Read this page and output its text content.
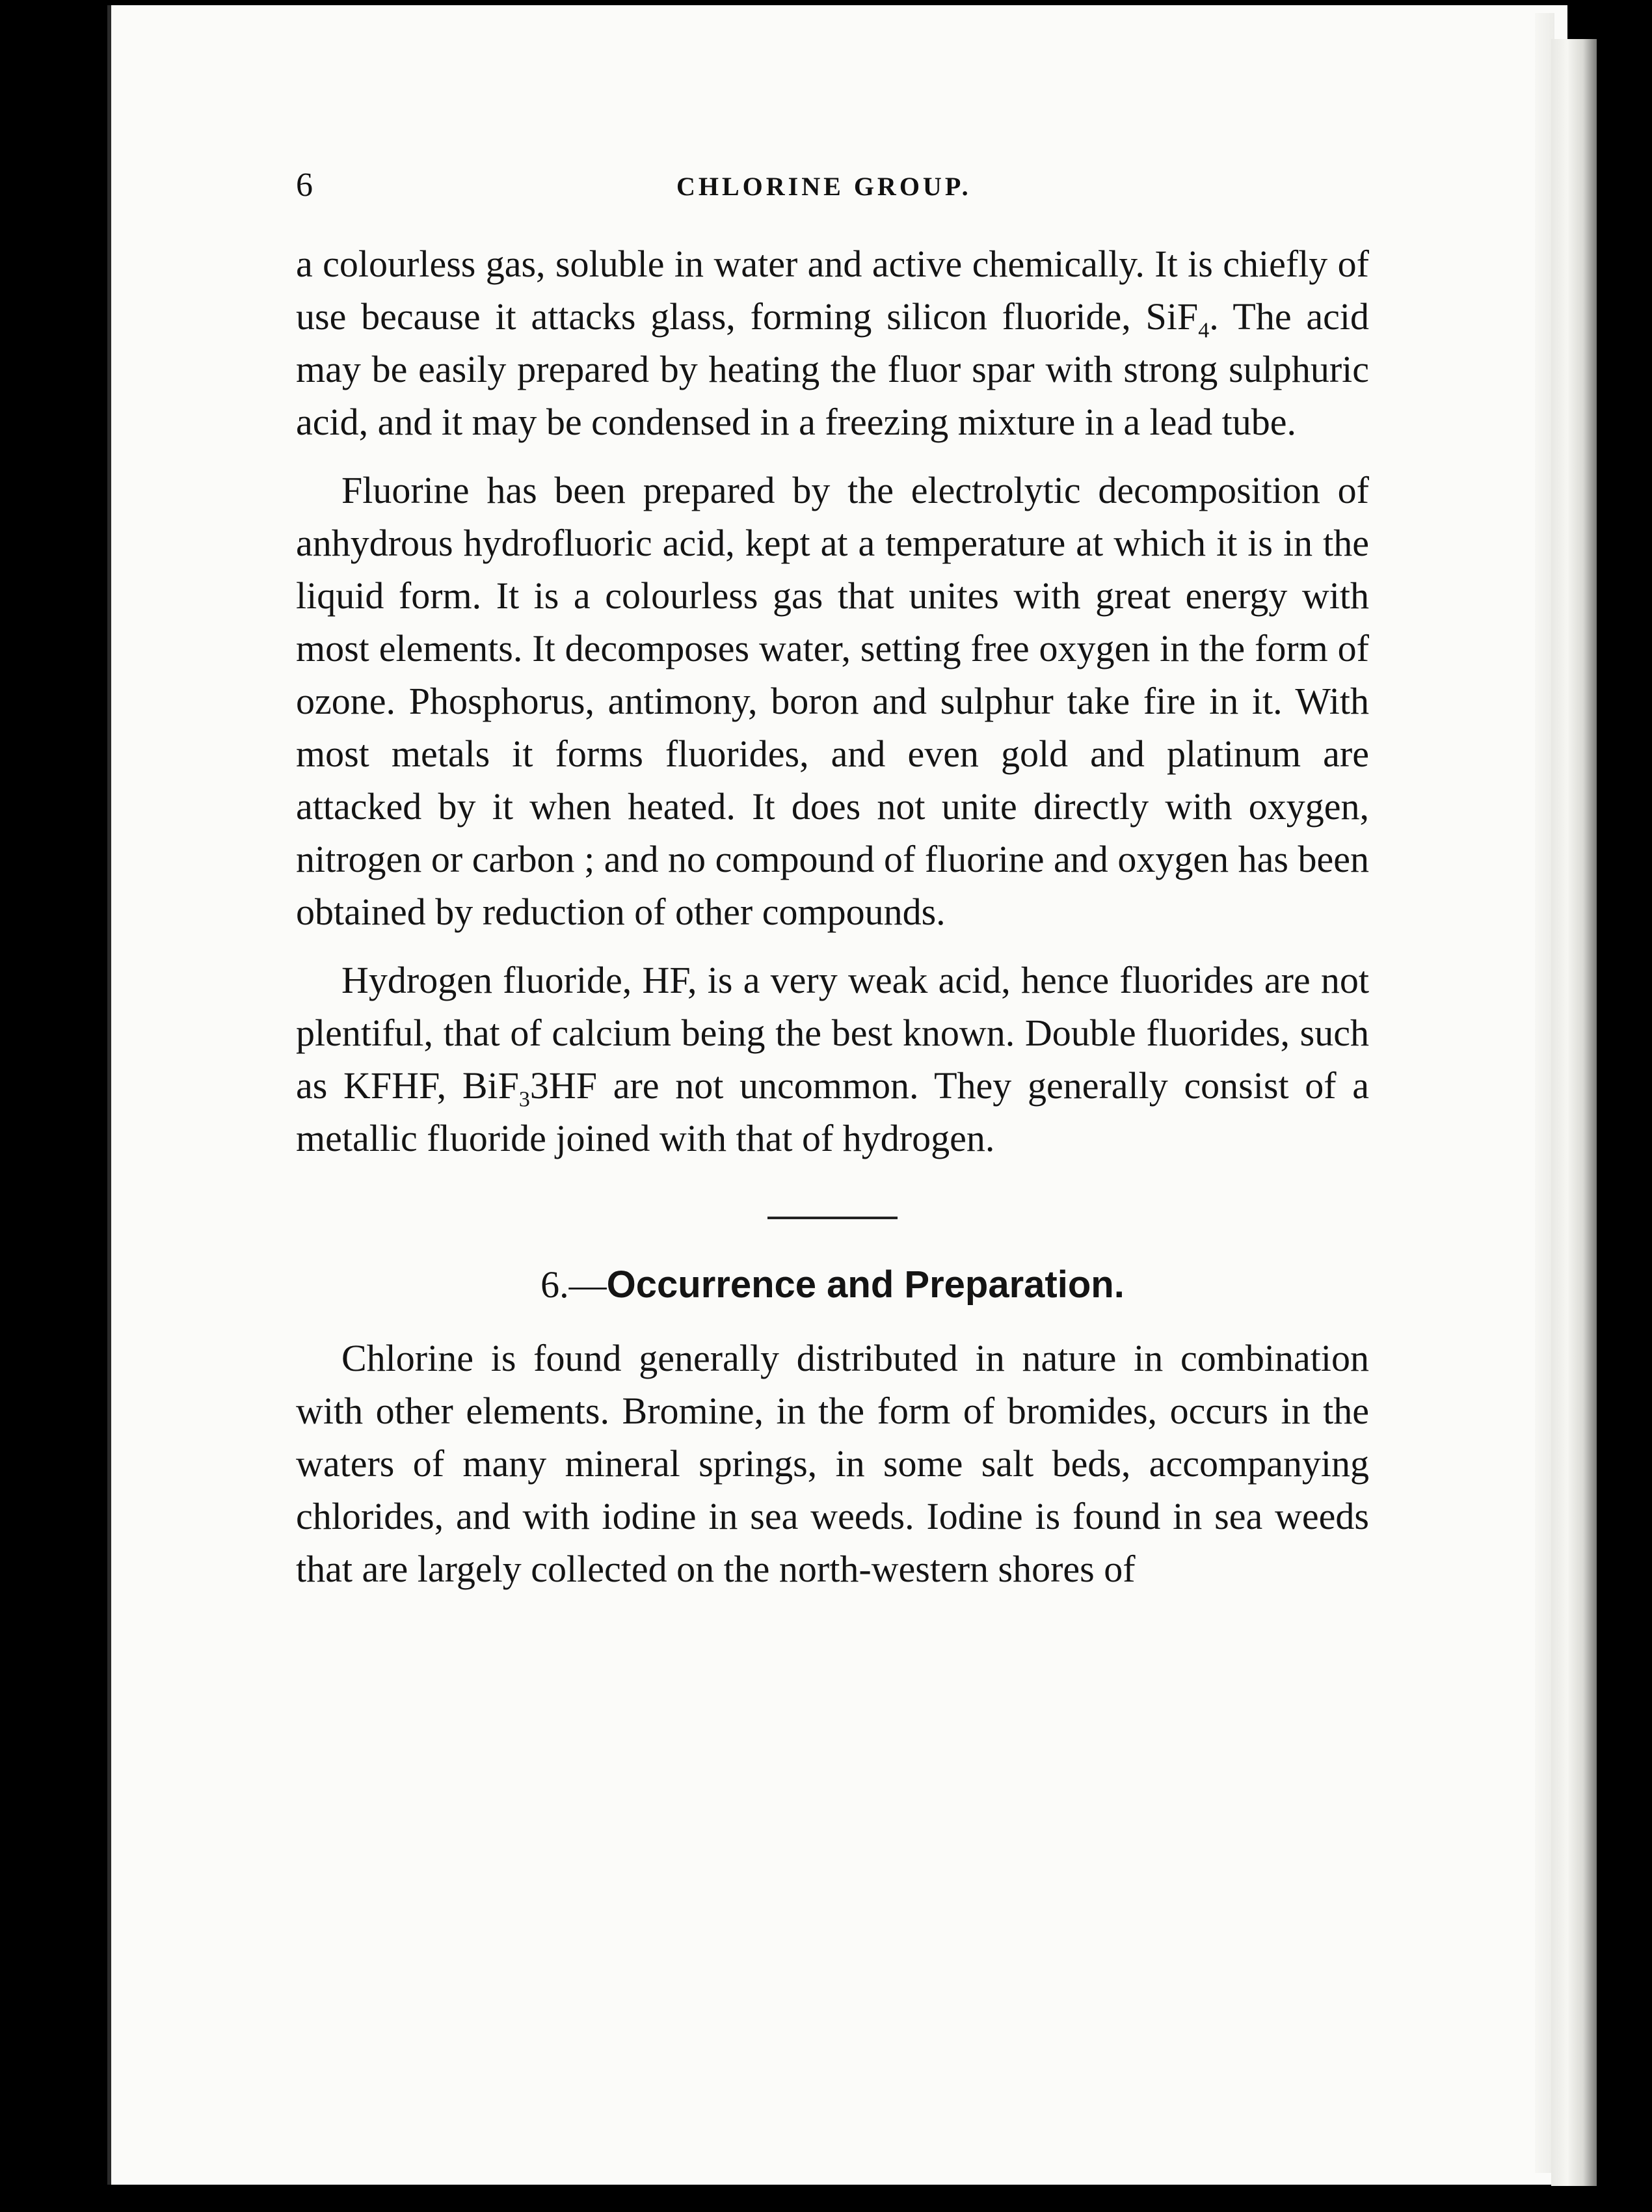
6	CHLORINE GROUP.

a colourless gas, soluble in water and active chemically. It is chiefly of use because it attacks glass, forming silicon fluoride, SiF$_4$. The acid may be easily prepared by heating the fluor spar with strong sulphuric acid, and it may be condensed in a freezing mixture in a lead tube.

Fluorine has been prepared by the electrolytic decomposition of anhydrous hydrofluoric acid, kept at a temperature at which it is in the liquid form. It is a colourless gas that unites with great energy with most elements. It decomposes water, setting free oxygen in the form of ozone. Phosphorus, antimony, boron and sulphur take fire in it. With most metals it forms fluorides, and even gold and platinum are attacked by it when heated. It does not unite directly with oxygen, nitrogen or carbon ; and no compound of fluorine and oxygen has been obtained by reduction of other compounds.

Hydrogen fluoride, HF, is a very weak acid, hence fluorides are not plentiful, that of calcium being the best known. Double fluorides, such as KFHF, BiF$_3$3HF are not uncommon. They generally consist of a metallic fluoride joined with that of hydrogen.

6.—Occurrence and Preparation.

Chlorine is found generally distributed in nature in combination with other elements. Bromine, in the form of bromides, occurs in the waters of many mineral springs, in some salt beds, accompanying chlorides, and with iodine in sea weeds. Iodine is found in sea weeds that are largely collected on the north-western shores of
